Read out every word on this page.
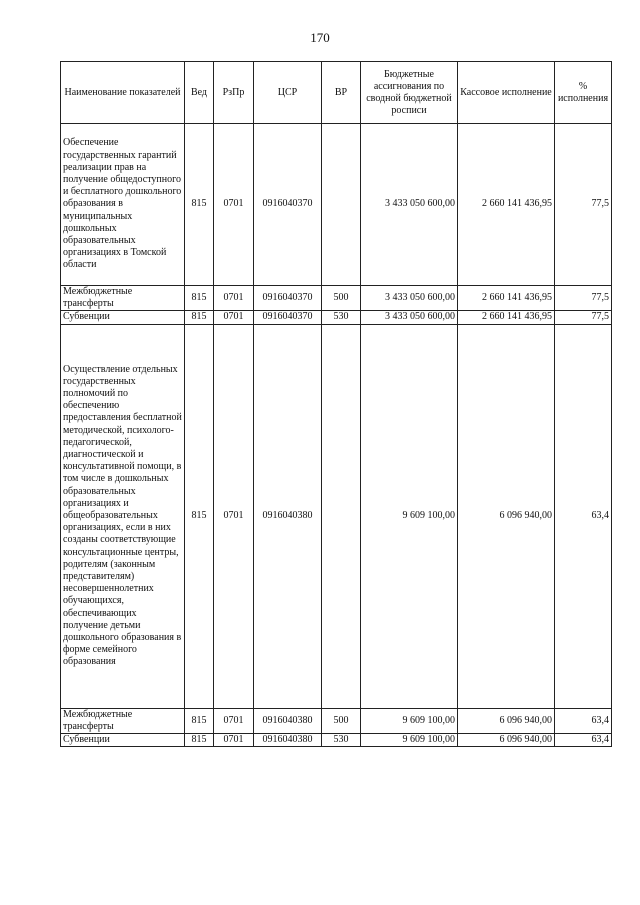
170
Наименование показателей	Вед	РзПр	ЦСР	ВР	Бюджетные ассигнования по сводной бюджетной росписи	Кассовое исполнение	% исполнения
Обеспечение государственных гарантий реализации прав на получение общедоступного и бесплатного дошкольного образования в муниципальных дошкольных образовательных организациях в Томской области	815	0701	0916040370		3 433 050 600,00	2 660 141 436,95	77,5
Межбюджетные трансферты	815	0701	0916040370	500	3 433 050 600,00	2 660 141 436,95	77,5
Субвенции	815	0701	0916040370	530	3 433 050 600,00	2 660 141 436,95	77,5
Осуществление отдельных государственных полномочий по обеспечению предоставления бесплатной методической, психолого-педагогической, диагностической и консультативной помощи, в том числе в дошкольных образовательных организациях и общеобразовательных организациях, если в них созданы соответствующие консультационные центры, родителям (законным представителям) несовершеннолетних обучающихся, обеспечивающих получение детьми дошкольного образования в форме семейного образования	815	0701	0916040380		9 609 100,00	6 096 940,00	63,4
Межбюджетные трансферты	815	0701	0916040380	500	9 609 100,00	6 096 940,00	63,4
Субвенции	815	0701	0916040380	530	9 609 100,00	6 096 940,00	63,4
